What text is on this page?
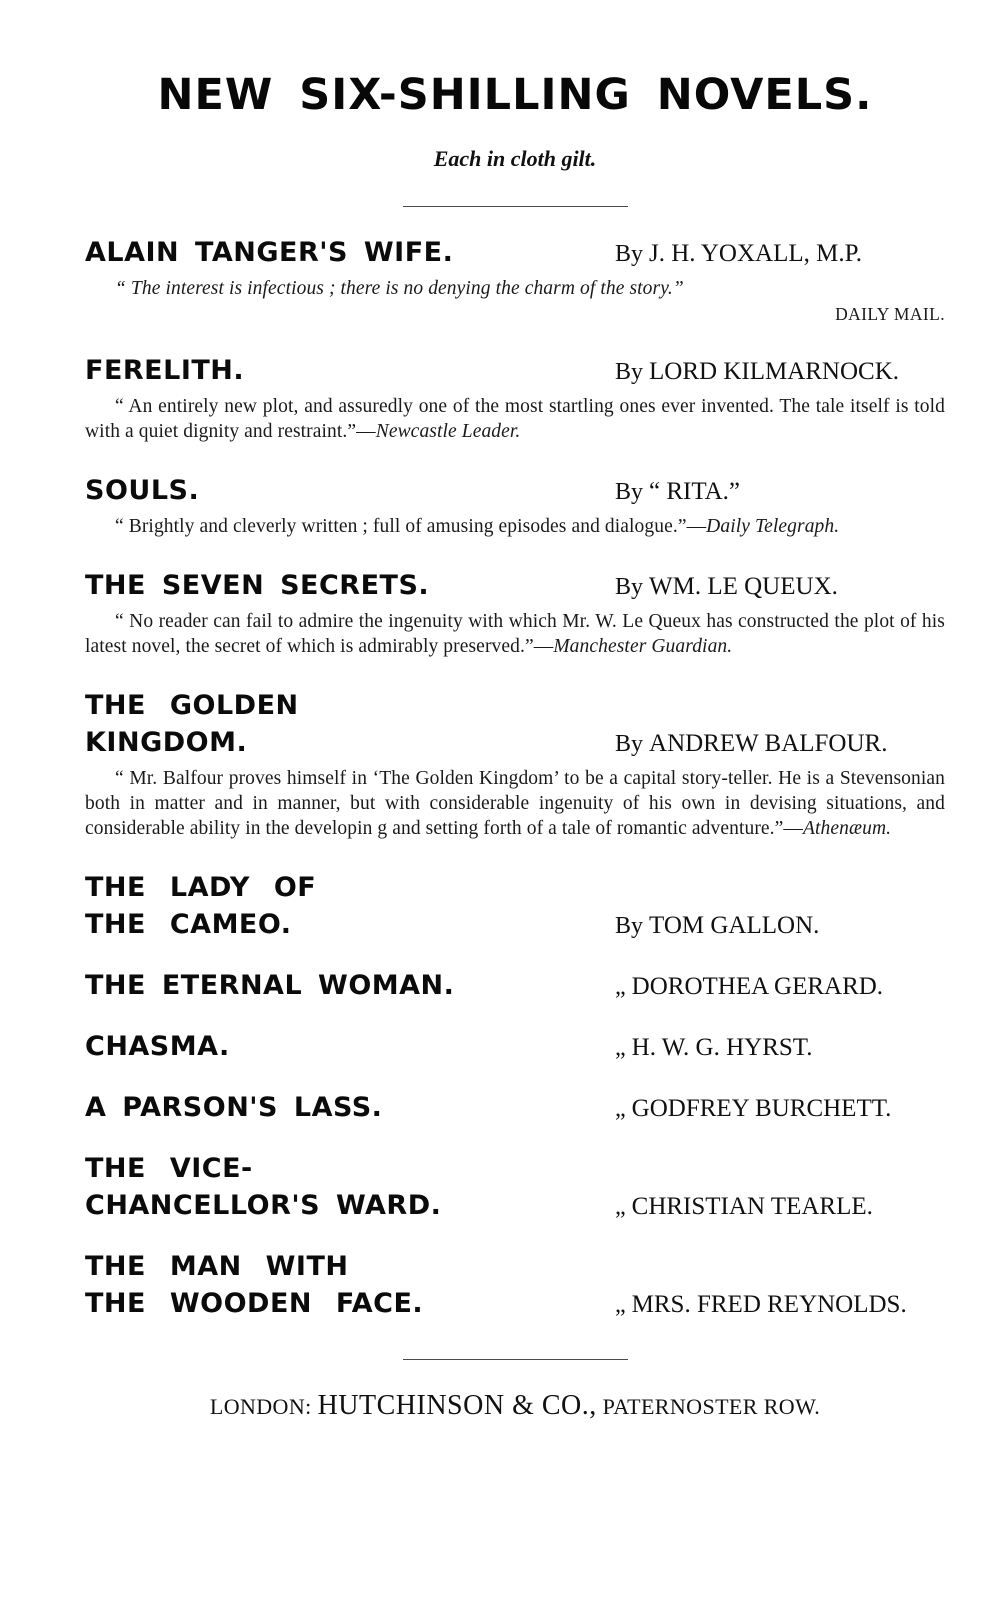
NEW SIX-SHILLING NOVELS.
Each in cloth gilt.
ALAIN TANGER'S WIFE.	By J. H. YOXALL, M.P.
“ The interest is infectious ; there is no denying the charm of the story.”
DAILY MAIL.
FERELITH.	By LORD KILMARNOCK.
“ An entirely new plot, and assuredly one of the most startling ones ever invented. The tale itself is told with a quiet dignity and restraint.”—Newcastle Leader.
SOULS.	By “ RITA.”
“ Brightly and cleverly written ; full of amusing episodes and dialogue.”—Daily Telegraph.
THE SEVEN SECRETS.	By WM. LE QUEUX.
“ No reader can fail to admire the ingenuity with which Mr. W. Le Queux has constructed the plot of his latest novel, the secret of which is admirably preserved.”—Manchester Guardian.
THE GOLDEN
KINGDOM.	By ANDREW BALFOUR.
“ Mr. Balfour proves himself in ‘The Golden Kingdom’ to be a capital story-teller. He is a Stevensonian both in matter and in manner, but with considerable ingenuity of his own in devising situations, and considerable ability in the developin g and setting forth of a tale of romantic adventure.”—Athenæum.
THE LADY OF
THE CAMEO.	By TOM GALLON.
THE ETERNAL WOMAN.	„ DOROTHEA GERARD.
CHASMA.	„ H. W. G. HYRST.
A PARSON'S LASS.	„ GODFREY BURCHETT.
THE VICE-
CHANCELLOR'S WARD.	„ CHRISTIAN TEARLE.
THE MAN WITH
THE WOODEN FACE.	„ MRS. FRED REYNOLDS.
LONDON: HUTCHINSON & CO., PATERNOSTER ROW.
